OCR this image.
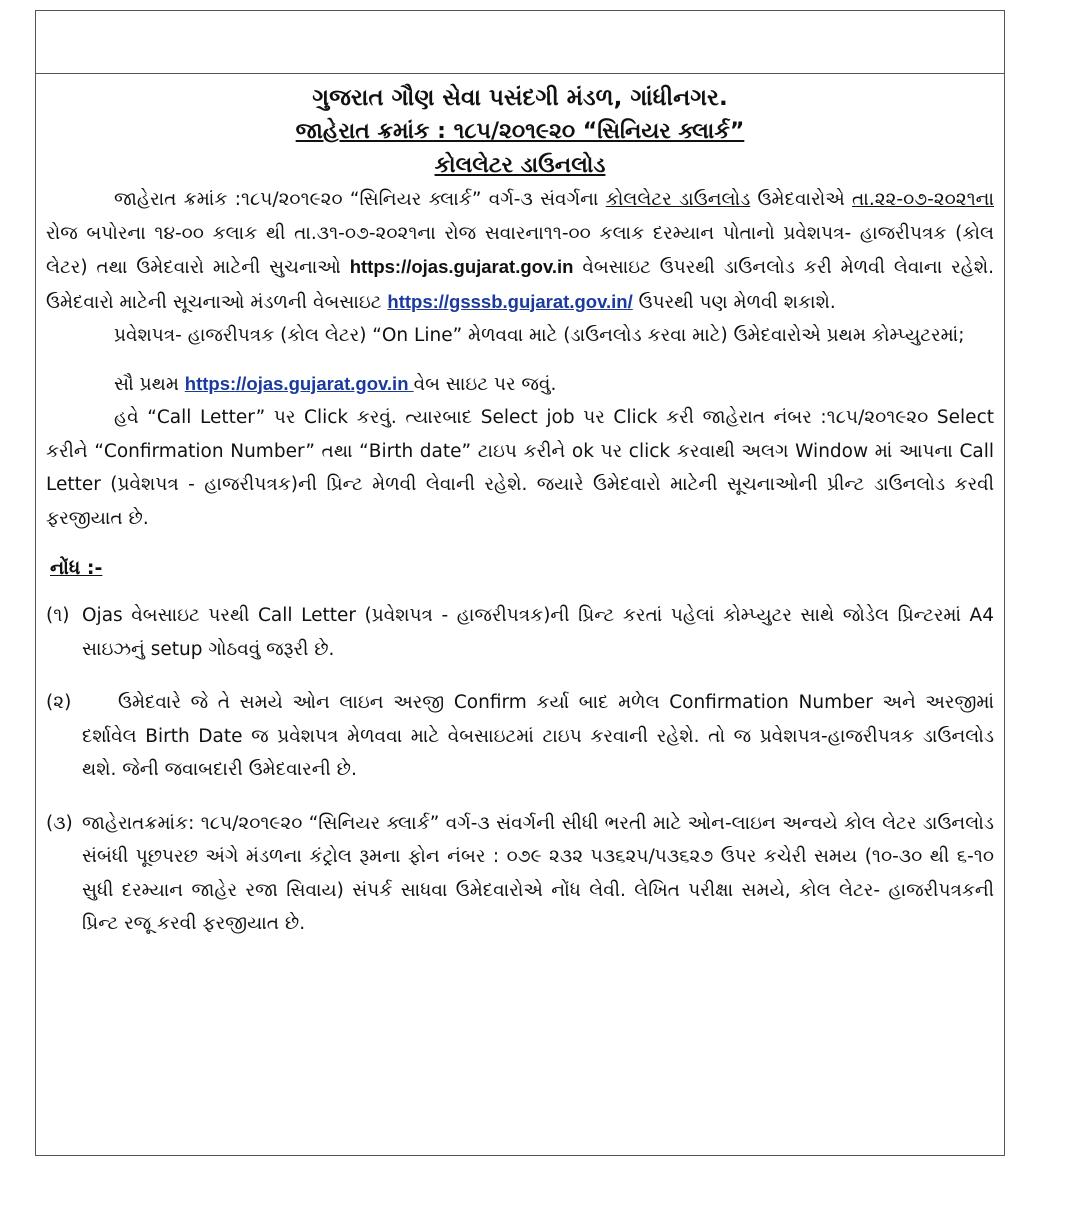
ગુજરાત ગૌણ સેવા પસંદગી મંડળ, ગાંધીનગર.
જાહેરાત ક્રમાંક : ૧૮૫/૨૦૧૯૨૦ “સિનિયર ક્લાર્ક”
કોલલેટર ડાઉનલોડ
જાહેરાત ક્રમાંક :૧૮૫/૨૦૧૯૨૦ “સિનિયર ક્લાર્ક” વર્ગ-૩ સંવર્ગના કોલલેટર ડાઉનલોડ ઉમેદવારોએ તા.૨૨-૦૭-૨૦૨૧ના રોજ બપોરના ૧૪-૦૦ કલાક થી તા.૩૧-૦૭-૨૦૨૧ના રોજ સવારના૧૧-૦૦ કલાક દરમ્યાન પોતાનો પ્રવેશપત્ર- હાજરીપત્રક (કોલ લેટર) તથા ઉમેદવારો માટેની સુચનાઓ https://ojas.gujarat.gov.in વેબસાઇટ ઉપરથી ડાઉનલોડ કરી મેળવી લેવાના રહેશે. ઉમેદવારો માટેની સૂચનાઓ મંડળની વેબસાઇટ https://gsssb.gujarat.gov.in/ ઉપરથી પણ મેળવી શકાશે.
પ્રવેશપત્ર- હાજરીપત્રક (કોલ લેટર) “On Line” મેળવવા માટે (ડાઉનલોડ કરવા માટે) ઉમેદવારોએ પ્રથમ કોમ્પ્યુટરમાં;
સૌ પ્રથમ https://ojas.gujarat.gov.in વેબ સાઇટ પર જવું.
હવે “Call Letter” પર Click કરવું. ત્યારબાદ Select job પર Click કરી જાહેરાત નંબર :૧૮૫/૨૦૧૯૨૦ Select કરીને “Confirmation Number” તથા “Birth date” ટાઇપ કરીને ok પર click કરવાથી અલગ Window માં આપના Call Letter (પ્રવેશપત્ર - હાજરીપત્રક)ની પ્રિન્ટ મેળવી લેવાની રહેશે. જયારે ઉમેદવારો માટેની સૂચનાઓની પ્રીન્ટ ડાઉનલોડ કરવી ફરજીયાત છે.
નોંધ :-
(૧) Ojas વેબસાઇટ પરથી Call Letter (પ્રવેશપત્ર - હાજરીપત્રક)ની પ્રિન્ટ કરતાં પહેલાં કોમ્પ્યુટર સાથે જોડેલ પ્રિન્ટરમાં A4 સાઇઝનું setup ગોઠવવું જરૂરી છે.
(૨)	ઉમેદવારે જે તે સમયે ઓન લાઇન અરજી Confirm કર્યા બાદ મળેલ Confirmation Number અને અરજીમાં દર્શાવેલ Birth Date જ પ્રવેશપત્ર મેળવવા માટે વેબસાઇટમાં ટાઇપ કરવાની રહેશે. તો જ પ્રવેશપત્ર-હાજરીપત્રક ડાઉનલોડ થશે. જેની જવાબદારી ઉમેદવારની છે.
(૩) જાહેરાતક્રમાંક: ૧૮૫/૨૦૧૯૨૦ “સિનિયર ક્લાર્ક” વર્ગ-૩ સંવર્ગની સીધી ભરતી માટે ઓન-લાઇન અન્વયે કોલ લેટર ડાઉનલોડ સંબંધી પૂછપરછ અંગે મંડળના કંટ્રોલ રૂમના ફોન નંબર : ૦૭૯ ૨૩૨ ૫૩૬૨૫/૫૩૬૨૭ ઉપર કચેરી સમય (૧૦-૩૦ થી ૬-૧૦ સુધી દરમ્યાન જાહેર રજા સિવાય) સંપર્ક સાધવા ઉમેદવારોએ નોંધ લેવી. લેખિત પરીક્ષા સમયે, કોલ લેટર- હાજરીપત્રકની પ્રિન્ટ રજૂ કરવી ફરજીયાત છે.
